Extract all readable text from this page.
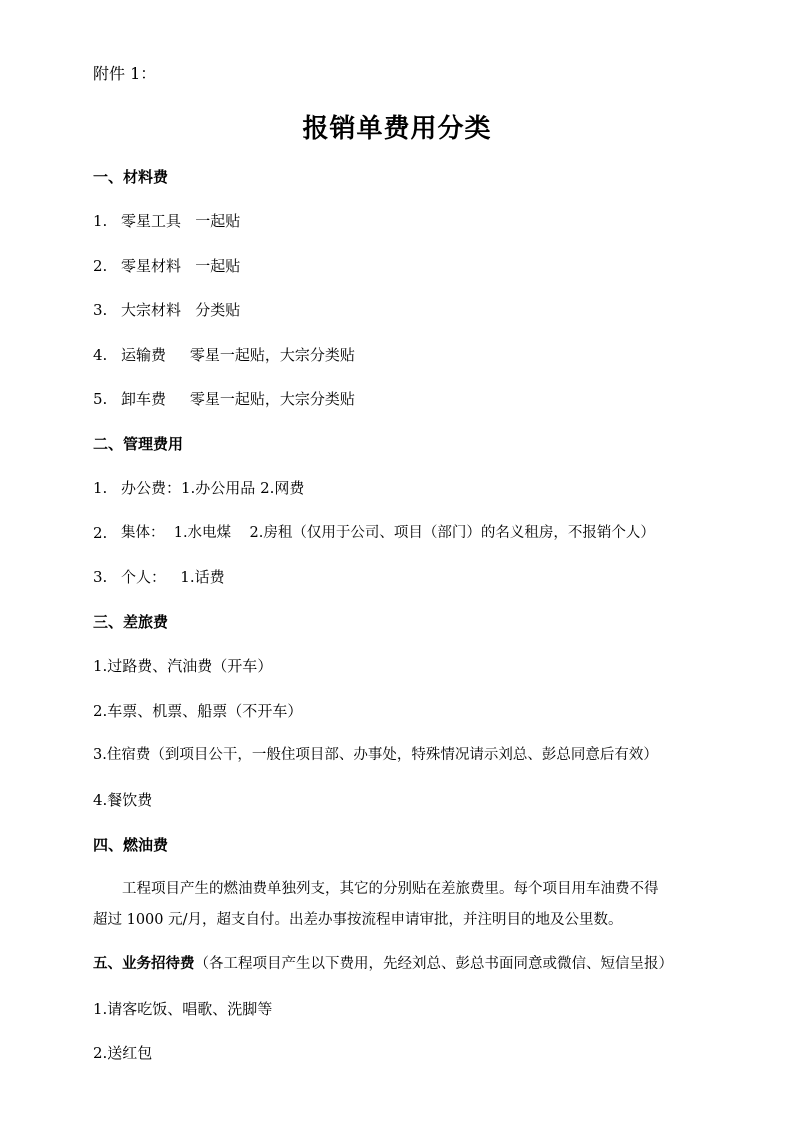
附件 1：
报销单费用分类
一、材料费
1. 零星工具   一起贴
2. 零星材料   一起贴
3. 大宗材料   分类贴
4. 运输费     零星一起贴，大宗分类贴
5. 卸车费     零星一起贴，大宗分类贴
二、管理费用
1. 办公费：1.办公用品 2.网费
2. 集体：  1.水电煤    2.房租（仅用于公司、项目（部门）的名义租房，不报销个人）
3. 个人：   1.话费
三、差旅费
1.过路费、汽油费（开车）
2.车票、机票、船票（不开车）
3.住宿费（到项目公干，一般住项目部、办事处，特殊情况请示刘总、彭总同意后有效）
4.餐饮费
四、燃油费
工程项目产生的燃油费单独列支，其它的分别贴在差旅费里。每个项目用车油费不得
超过 1000 元/月，超支自付。出差办事按流程申请审批，并注明目的地及公里数。
五、业务招待费（各工程项目产生以下费用，先经刘总、彭总书面同意或微信、短信呈报）
1.请客吃饭、唱歌、洗脚等
2.送红包
